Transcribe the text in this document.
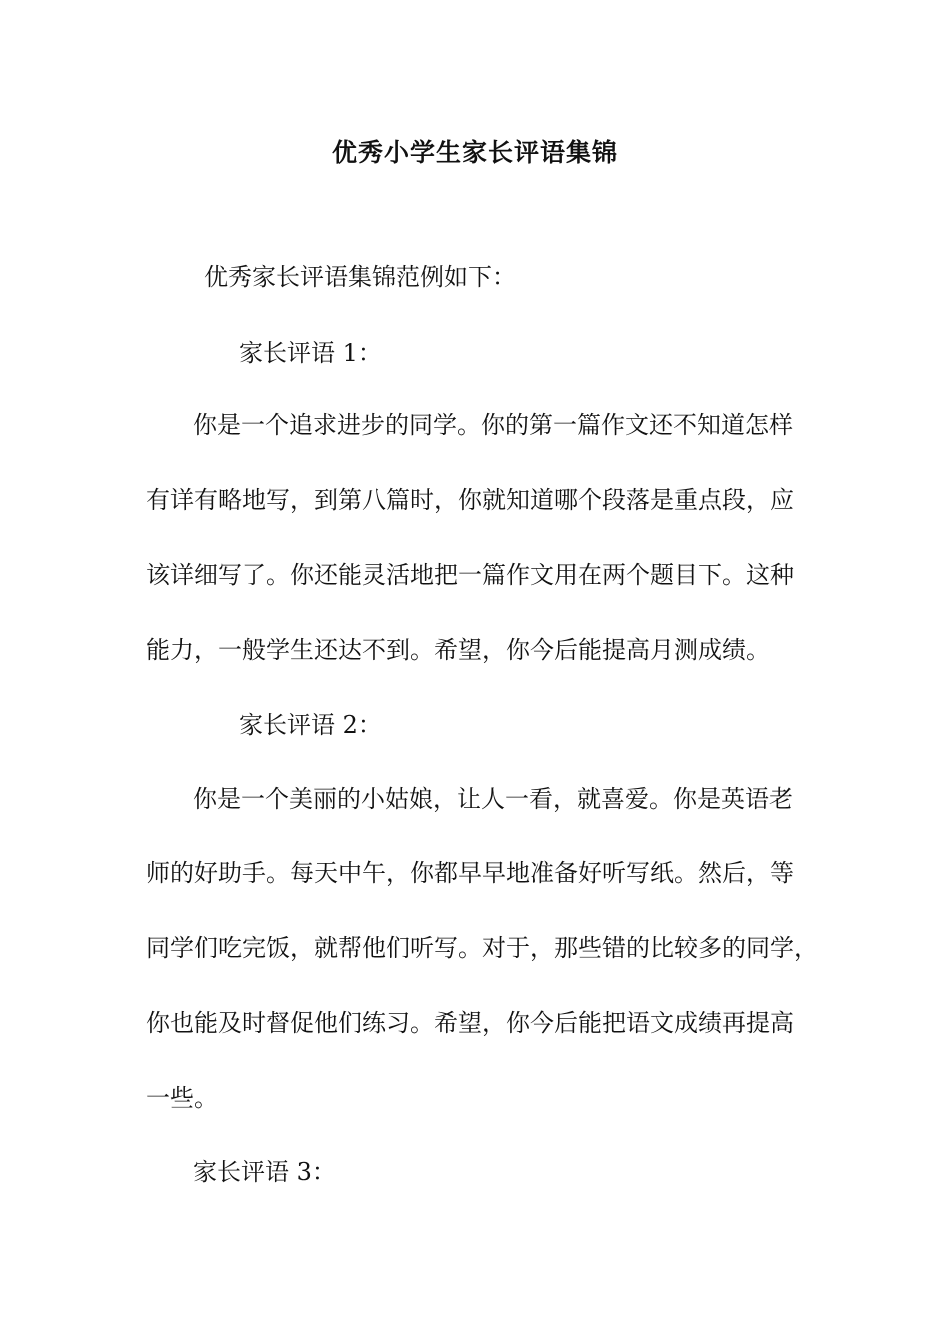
优秀小学生家长评语集锦
优秀家长评语集锦范例如下：
家长评语 1：
你是一个追求进步的同学。你的第一篇作文还不知道怎样
有详有略地写，到第八篇时，你就知道哪个段落是重点段，应
该详细写了。你还能灵活地把一篇作文用在两个题目下。这种
能力，一般学生还达不到。希望，你今后能提高月测成绩。
家长评语 2：
你是一个美丽的小姑娘，让人一看，就喜爱。你是英语老
师的好助手。每天中午，你都早早地准备好听写纸。然后，等
同学们吃完饭，就帮他们听写。对于，那些错的比较多的同学，
你也能及时督促他们练习。希望，你今后能把语文成绩再提高
一些。
家长评语 3：
